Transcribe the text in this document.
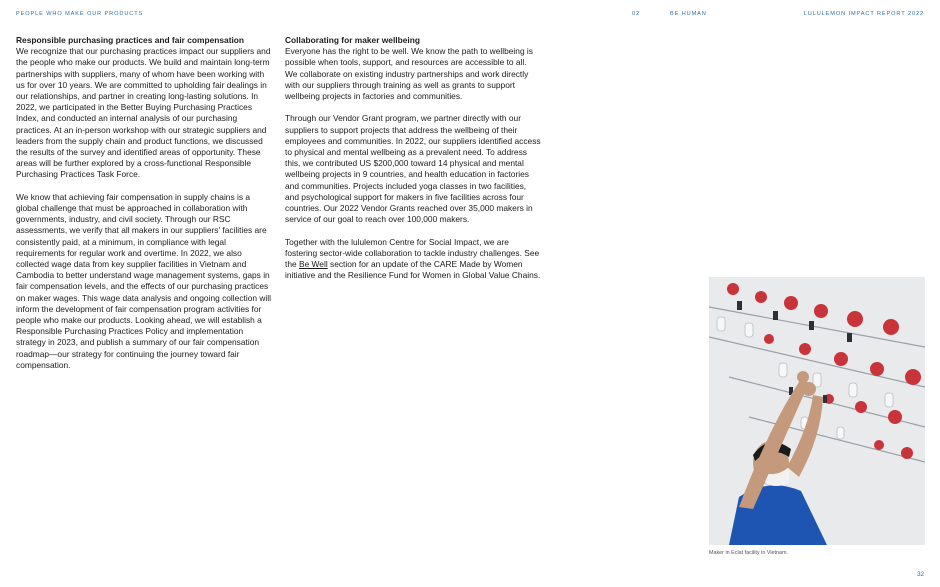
PEOPLE WHO MAKE OUR PRODUCTS	02	BE HUMAN	LULULEMON IMPACT REPORT 2022
Responsible purchasing practices and fair compensation

We recognize that our purchasing practices impact our suppliers and the people who make our products. We build and maintain long-term partnerships with suppliers, many of whom have been working with us for over 10 years. We are committed to upholding fair dealings in our relationships, and partner in creating long-lasting solutions. In 2022, we participated in the Better Buying Purchasing Practices Index, and conducted an internal analysis of our purchasing practices. At an in-person workshop with our strategic suppliers and leaders from the supply chain and product functions, we discussed the results of the survey and identified areas of opportunity. These areas will be further explored by a cross-functional Responsible Purchasing Practices Task Force.

We know that achieving fair compensation in supply chains is a global challenge that must be approached in collaboration with governments, industry, and civil society. Through our RSC assessments, we verify that all makers in our suppliers' facilities are consistently paid, at a minimum, in compliance with legal requirements for regular work and overtime. In 2022, we also collected wage data from key supplier facilities in Vietnam and Cambodia to better understand wage management systems, gaps in fair compensation levels, and the effects of our purchasing practices on maker wages. This wage data analysis and ongoing collection will inform the development of fair compensation program activities for people who make our products. Looking ahead, we will establish a Responsible Purchasing Practices Policy and implementation strategy in 2023, and publish a summary of our fair compensation roadmap—our strategy for continuing the journey toward fair compensation.

Collaborating for maker wellbeing

Everyone has the right to be well. We know the path to wellbeing is possible when tools, support, and resources are accessible to all. We collaborate on existing industry partnerships and work directly with our suppliers through training as well as grants to support wellbeing projects in factories and communities.

Through our Vendor Grant program, we partner directly with our suppliers to support projects that address the wellbeing of their employees and communities. In 2022, our suppliers identified access to physical and mental wellbeing as a prevalent need. To address this, we contributed US $200,000 toward 14 physical and mental wellbeing projects in 9 countries, and health education in factories and communities. Projects included yoga classes in two facilities, and psychological support for makers in five facilities across four countries. Our 2022 Vendor Grants reached over 35,000 makers in service of our goal to reach over 100,000 makers.

Together with the lululemon Centre for Social Impact, we are fostering sector-wide collaboration to tackle industry challenges. See the Be Well section for an update of the CARE Made by Women initiative and the Resilience Fund for Women in Global Value Chains.

Maker in Eclat facility in Vietnam.
32
